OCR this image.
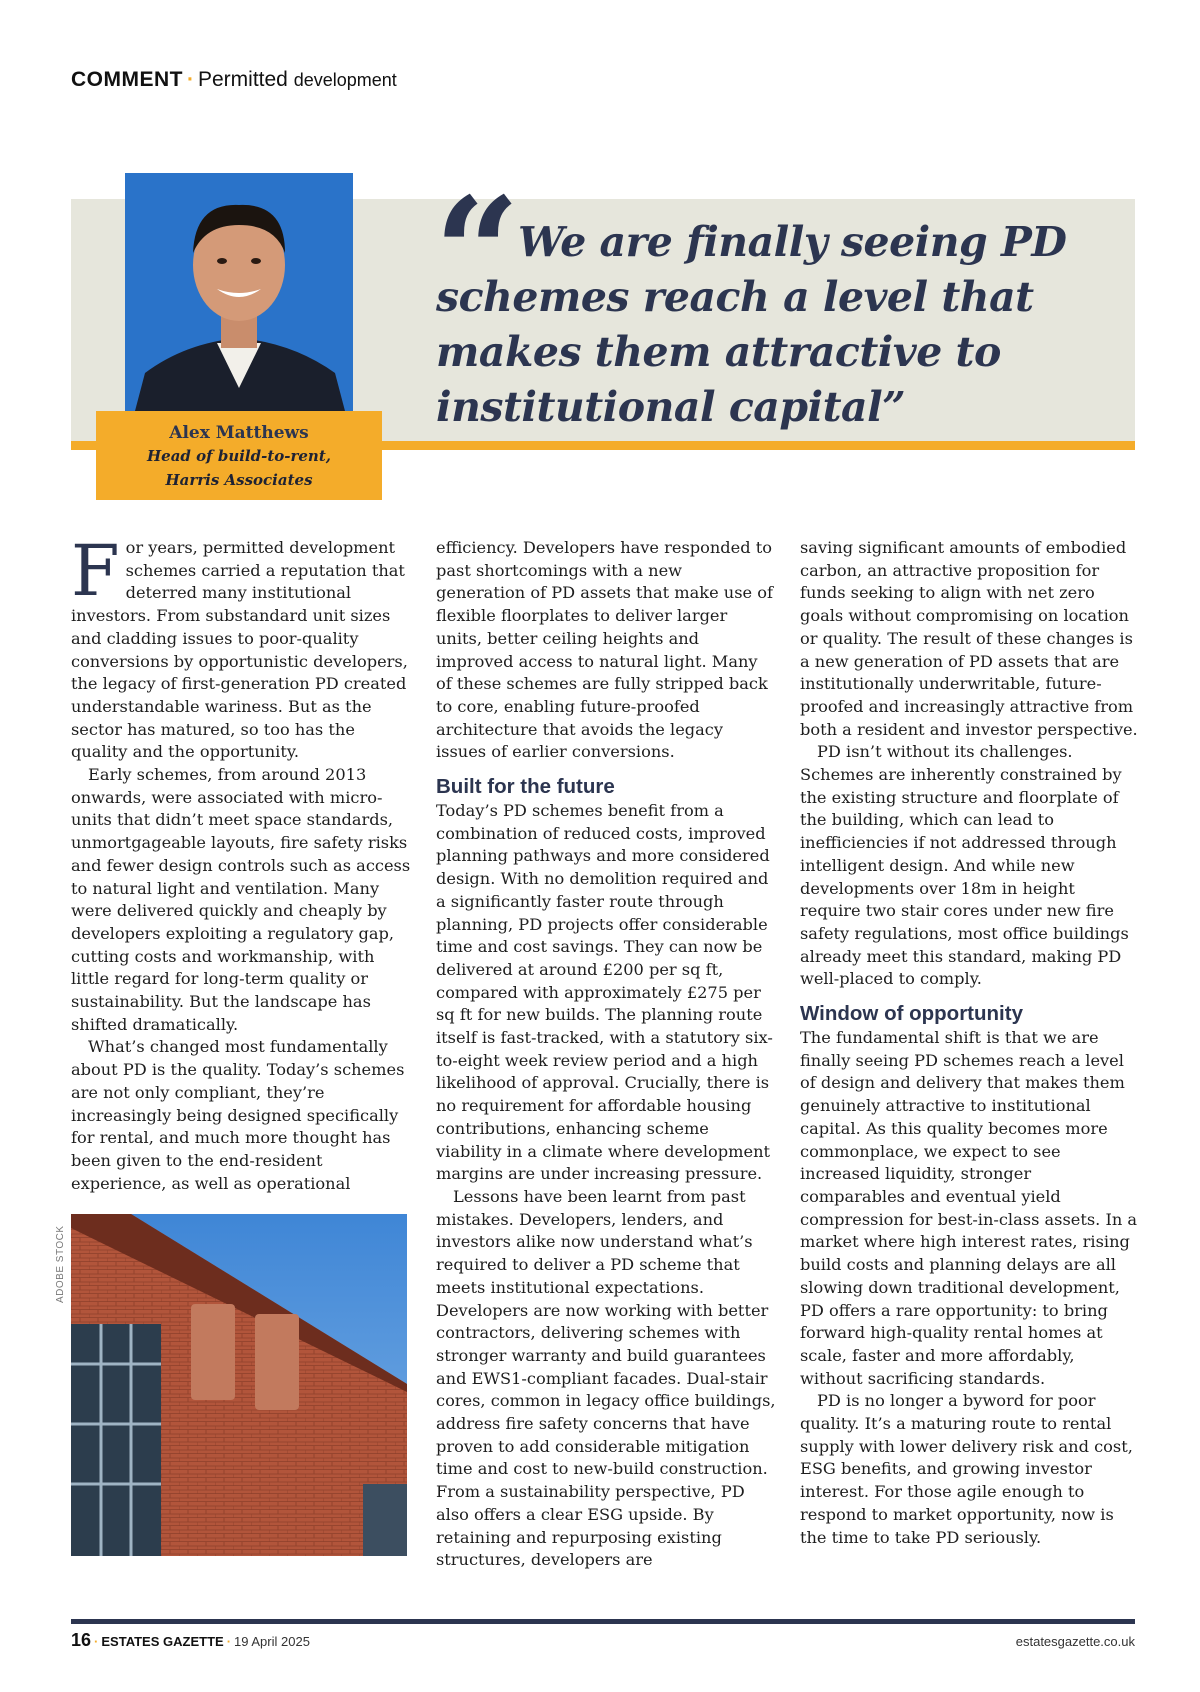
COMMENT · Permitted development
Alex Matthews
Head of build-to-rent,
Harris Associates
“
We are finally seeing PD
schemes reach a level that
makes them attractive to
institutional capital”

For years, permitted development schemes carried a reputation that deterred many institutional investors. From substandard unit sizes and cladding issues to poor-quality conversions by opportunistic developers, the legacy of first-generation PD created understandable wariness. But as the sector has matured, so too has the quality and the opportunity.

Early schemes, from around 2013 onwards, were associated with micro-units that didn’t meet space standards, unmortgageable layouts, fire safety risks and fewer design controls such as access to natural light and ventilation. Many were delivered quickly and cheaply by developers exploiting a regulatory gap, cutting costs and workmanship, with little regard for long-term quality or sustainability. But the landscape has shifted dramatically.

What’s changed most fundamentally about PD is the quality. Today’s schemes are not only compliant, they’re increasingly being designed specifically for rental, and much more thought has been given to the end-resident experience, as well as operational

ADOBE STOCK

efficiency. Developers have responded to past shortcomings with a new generation of PD assets that make use of flexible floorplates to deliver larger units, better ceiling heights and improved access to natural light. Many of these schemes are fully stripped back to core, enabling future-proofed architecture that avoids the legacy issues of earlier conversions.

Built for the future

Today’s PD schemes benefit from a combination of reduced costs, improved planning pathways and more considered design. With no demolition required and a significantly faster route through planning, PD projects offer considerable time and cost savings. They can now be delivered at around £200 per sq ft, compared with approximately £275 per sq ft for new builds. The planning route itself is fast-tracked, with a statutory six-to-eight week review period and a high likelihood of approval. Crucially, there is no requirement for affordable housing contributions, enhancing scheme viability in a climate where development margins are under increasing pressure.

Lessons have been learnt from past mistakes. Developers, lenders, and investors alike now understand what’s required to deliver a PD scheme that meets institutional expectations. Developers are now working with better contractors, delivering schemes with stronger warranty and build guarantees and EWS1-compliant facades. Dual-stair cores, common in legacy office buildings, address fire safety concerns that have proven to add considerable mitigation time and cost to new-build construction. From a sustainability perspective, PD also offers a clear ESG upside. By retaining and repurposing existing structures, developers are

saving significant amounts of embodied carbon, an attractive proposition for funds seeking to align with net zero goals without compromising on location or quality. The result of these changes is a new generation of PD assets that are institutionally underwritable, future-proofed and increasingly attractive from both a resident and investor perspective.

PD isn’t without its challenges. Schemes are inherently constrained by the existing structure and floorplate of the building, which can lead to inefficiencies if not addressed through intelligent design. And while new developments over 18m in height require two stair cores under new fire safety regulations, most office buildings already meet this standard, making PD well-placed to comply.

Window of opportunity

The fundamental shift is that we are finally seeing PD schemes reach a level of design and delivery that makes them genuinely attractive to institutional capital. As this quality becomes more commonplace, we expect to see increased liquidity, stronger comparables and eventual yield compression for best-in-class assets. In a market where high interest rates, rising build costs and planning delays are all slowing down traditional development, PD offers a rare opportunity: to bring forward high-quality rental homes at scale, faster and more affordably, without sacrificing standards.

PD is no longer a byword for poor quality. It’s a maturing route to rental supply with lower delivery risk and cost, ESG benefits, and growing investor interest. For those agile enough to respond to market opportunity, now is the time to take PD seriously.

16 · ESTATES GAZETTE · 19 April 2025	estatesgazette.co.uk
